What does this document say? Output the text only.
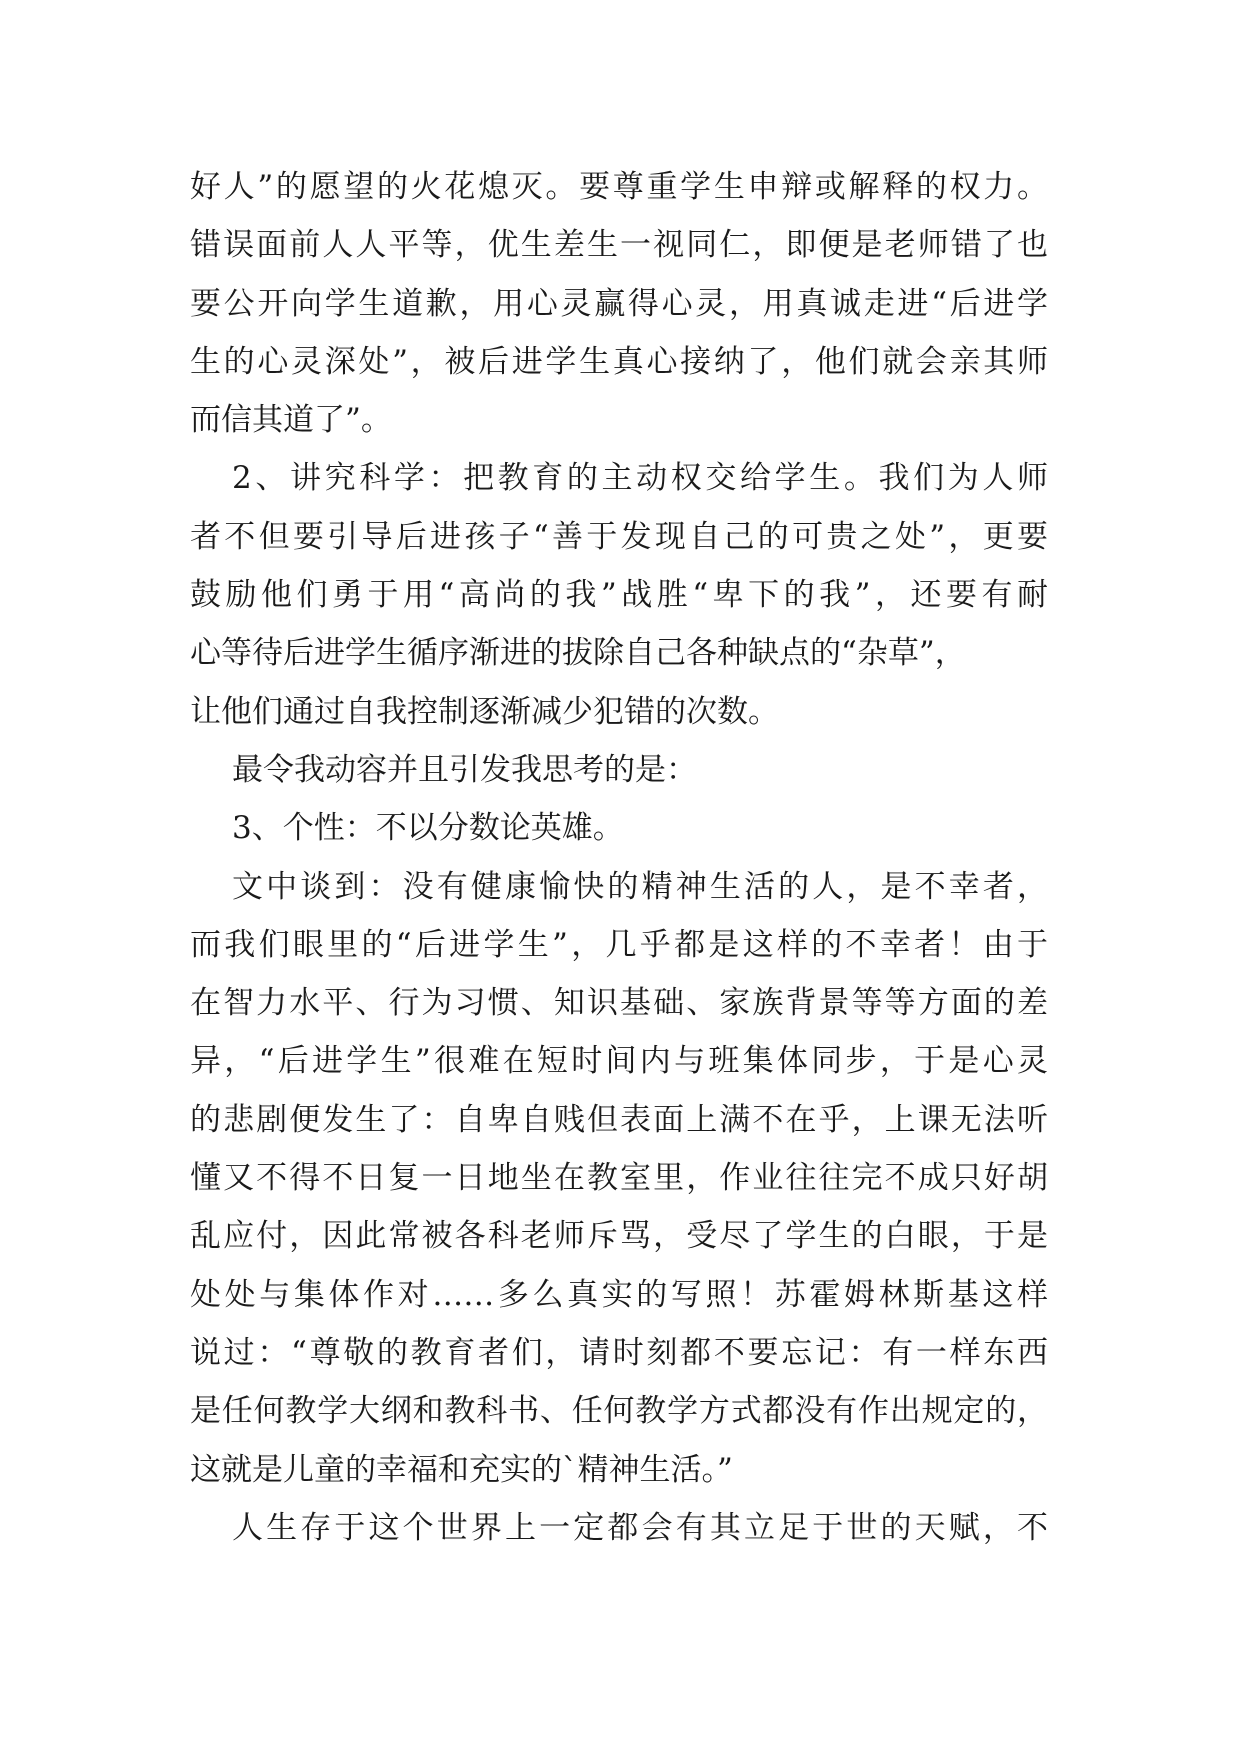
好人”的愿望的火花熄灭。要尊重学生申辩或解释的权力。
错误面前人人平等，优生差生一视同仁，即便是老师错了也
要公开向学生道歉，用心灵赢得心灵，用真诚走进“后进学
生的心灵深处”，被后进学生真心接纳了，他们就会亲其师
而信其道了”。
2、讲究科学：把教育的主动权交给学生。我们为人师
者不但要引导后进孩子“善于发现自己的可贵之处”，更要
鼓励他们勇于用“高尚的我”战胜“卑下的我”，还要有耐
心等待后进学生循序渐进的拔除自己各种缺点的“杂草”，
让他们通过自我控制逐渐减少犯错的次数。
最令我动容并且引发我思考的是：
3、个性：不以分数论英雄。
文中谈到：没有健康愉快的精神生活的人，是不幸者，
而我们眼里的“后进学生”，几乎都是这样的不幸者！由于
在智力水平、行为习惯、知识基础、家族背景等等方面的差
异，“后进学生”很难在短时间内与班集体同步，于是心灵
的悲剧便发生了：自卑自贱但表面上满不在乎，上课无法听
懂又不得不日复一日地坐在教室里，作业往往完不成只好胡
乱应付，因此常被各科老师斥骂，受尽了学生的白眼，于是
处处与集体作对……多么真实的写照！苏霍姆林斯基这样
说过：“尊敬的教育者们，请时刻都不要忘记：有一样东西
是任何教学大纲和教科书、任何教学方式都没有作出规定的，
这就是儿童的幸福和充实的`精神生活。”
人生存于这个世界上一定都会有其立足于世的天赋，不
